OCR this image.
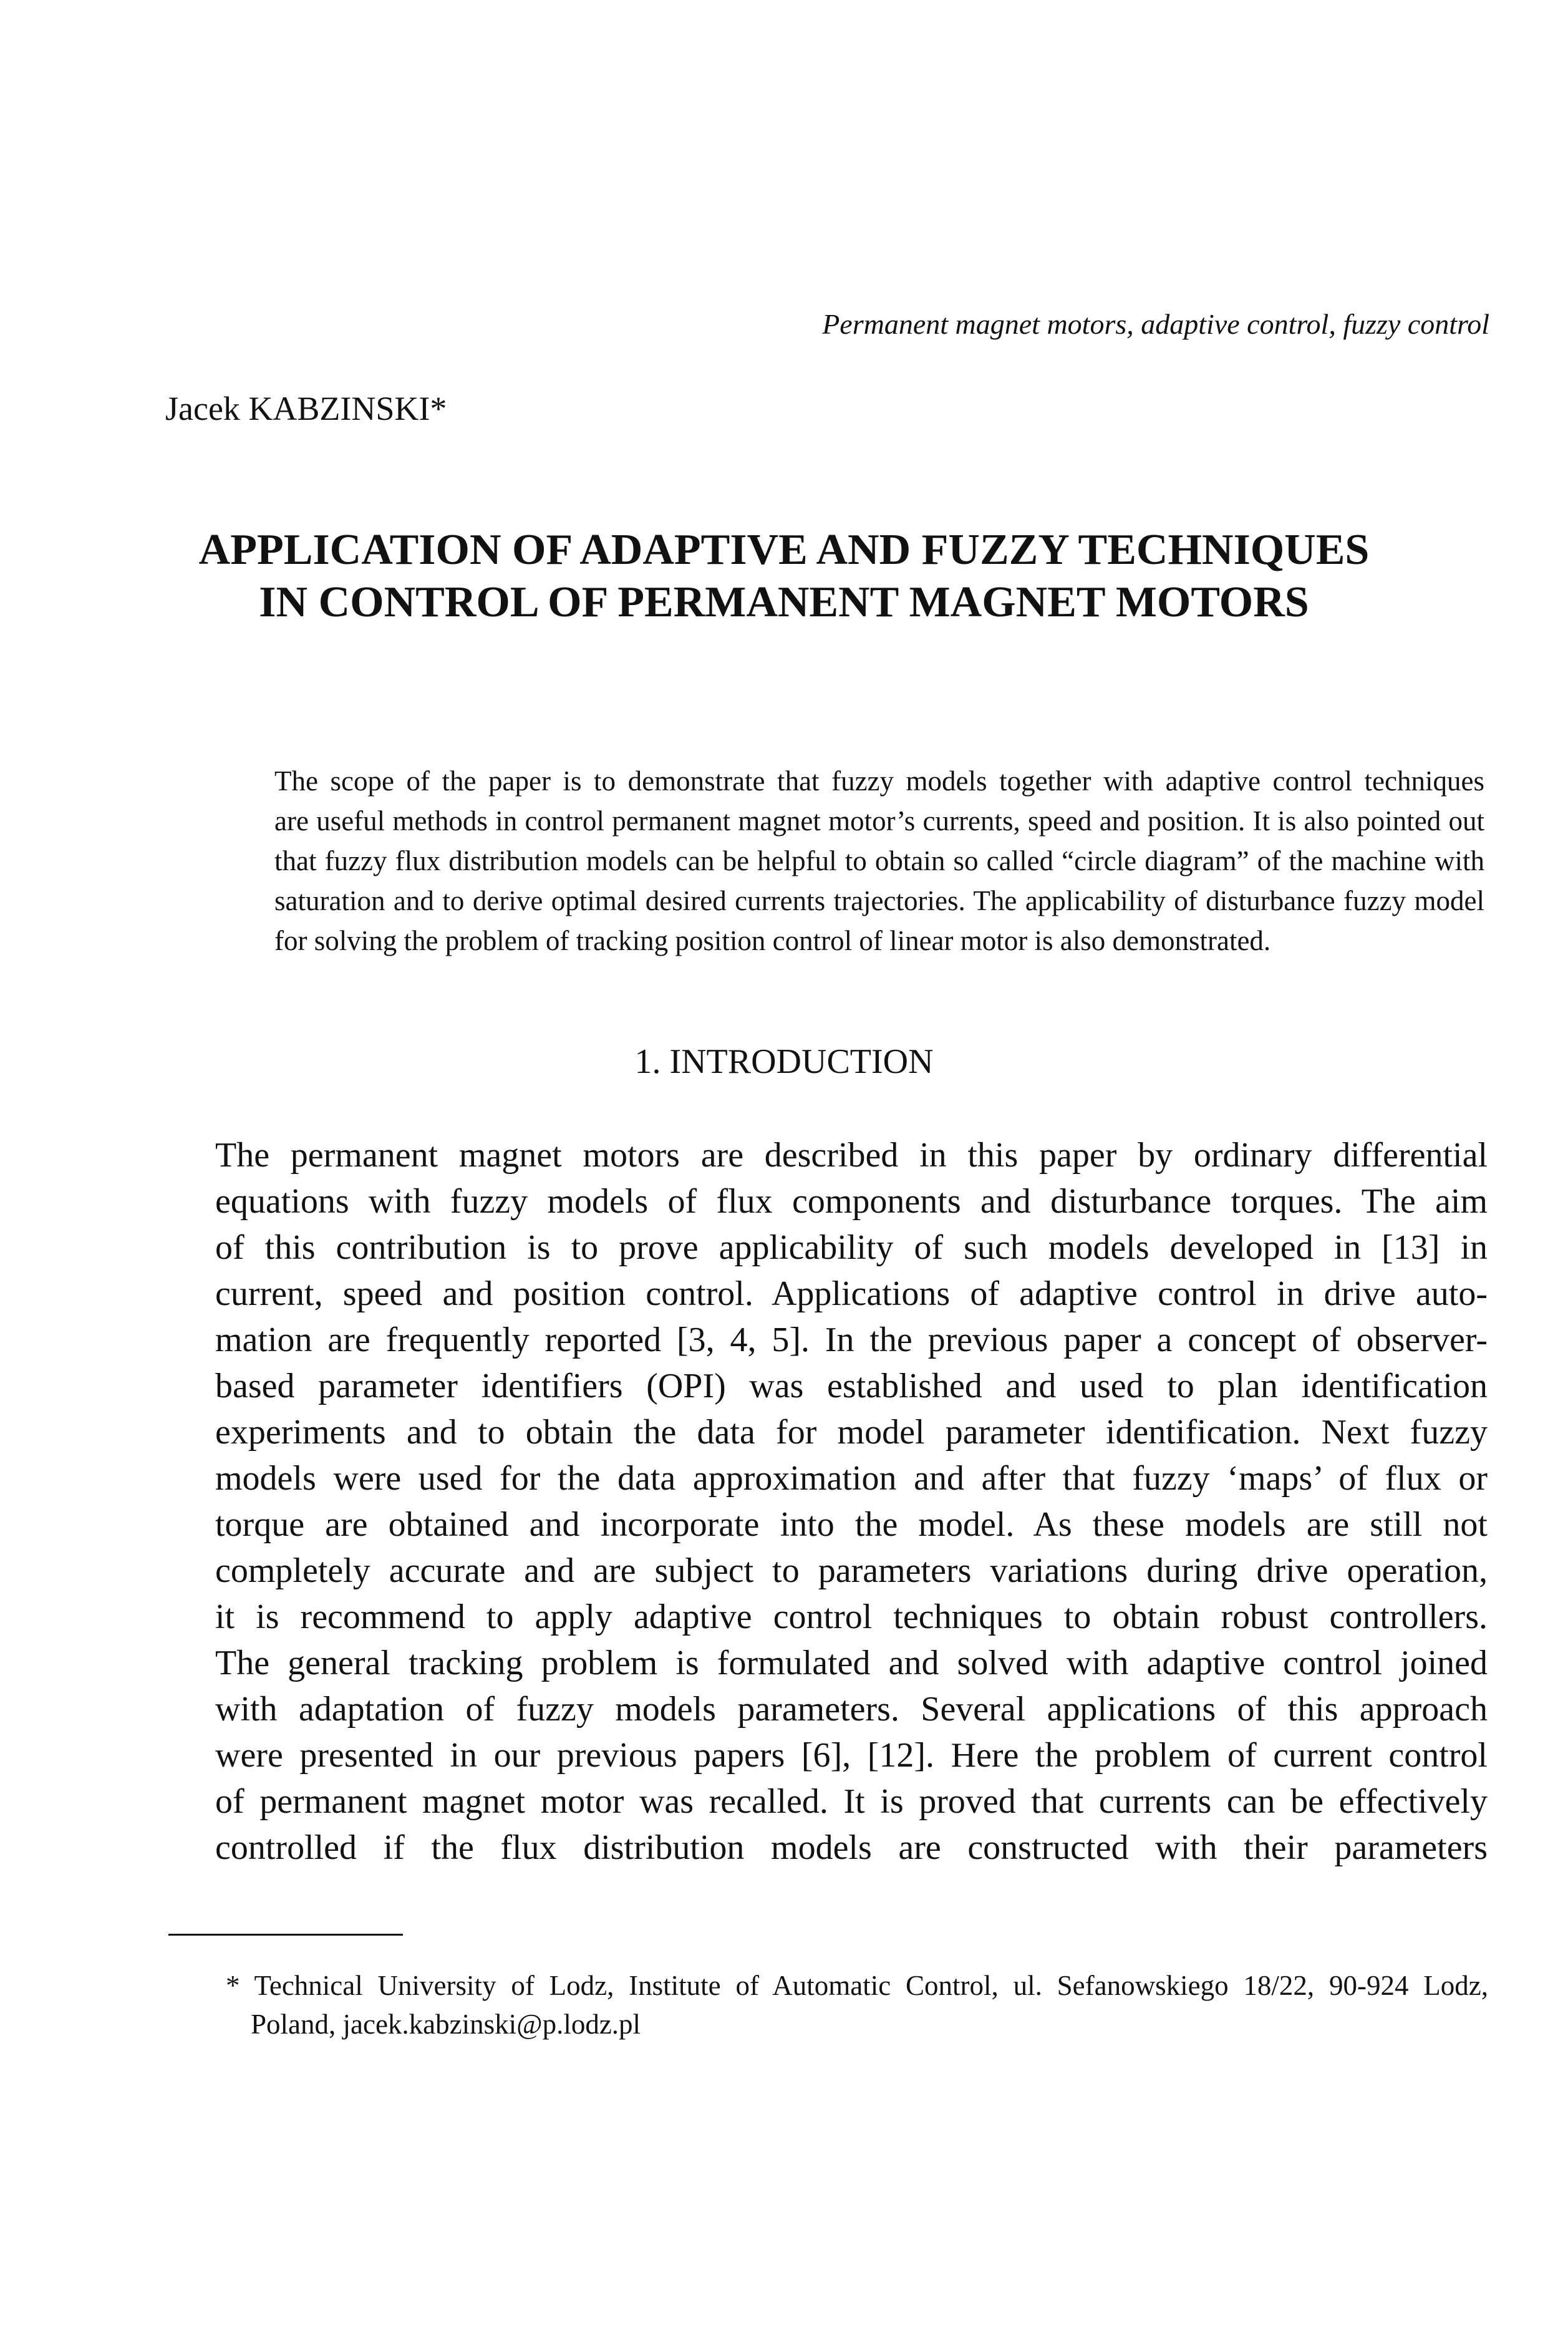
Permanent magnet motors, adaptive control, fuzzy control
Jacek KABZINSKI*
APPLICATION OF ADAPTIVE AND FUZZY TECHNIQUES
IN CONTROL OF PERMANENT MAGNET MOTORS
The scope of the paper is to demonstrate that fuzzy models together with adaptive control techniques
are useful methods in control permanent magnet motor’s currents, speed and position. It is also pointed out
that fuzzy flux distribution models can be helpful to obtain so called “circle diagram” of the machine with
saturation and to derive optimal desired currents trajectories. The applicability of disturbance fuzzy model
for solving the problem of tracking position control of linear motor is also demonstrated.
1. INTRODUCTION
The permanent magnet motors are described in this paper by ordinary differential
equations with fuzzy models of flux components and disturbance torques. The aim
of this contribution is to prove applicability of such models developed in [13] in
current, speed and position control. Applications of adaptive control in drive auto-
mation are frequently reported [3, 4, 5]. In the previous paper a concept of observer-
based parameter identifiers (OPI) was established and used to plan identification
experiments and to obtain the data for model parameter identification. Next fuzzy
models were used for the data approximation and after that fuzzy ‘maps’ of flux or
torque are obtained and incorporate into the model. As these models are still not
completely accurate and are subject to parameters variations during drive operation,
it is recommend to apply adaptive control techniques to obtain robust controllers.
The general tracking problem is formulated and solved with adaptive control joined
with adaptation of fuzzy models parameters. Several applications of this approach
were presented in our previous papers [6], [12]. Here the problem of current control
of permanent magnet motor was recalled. It is proved that currents can be effectively
controlled if the flux distribution models are constructed with their parameters
* Technical University of Lodz, Institute of Automatic Control, ul. Sefanowskiego 18/22, 90-924 Lodz,
Poland, jacek.kabzinski@p.lodz.pl
